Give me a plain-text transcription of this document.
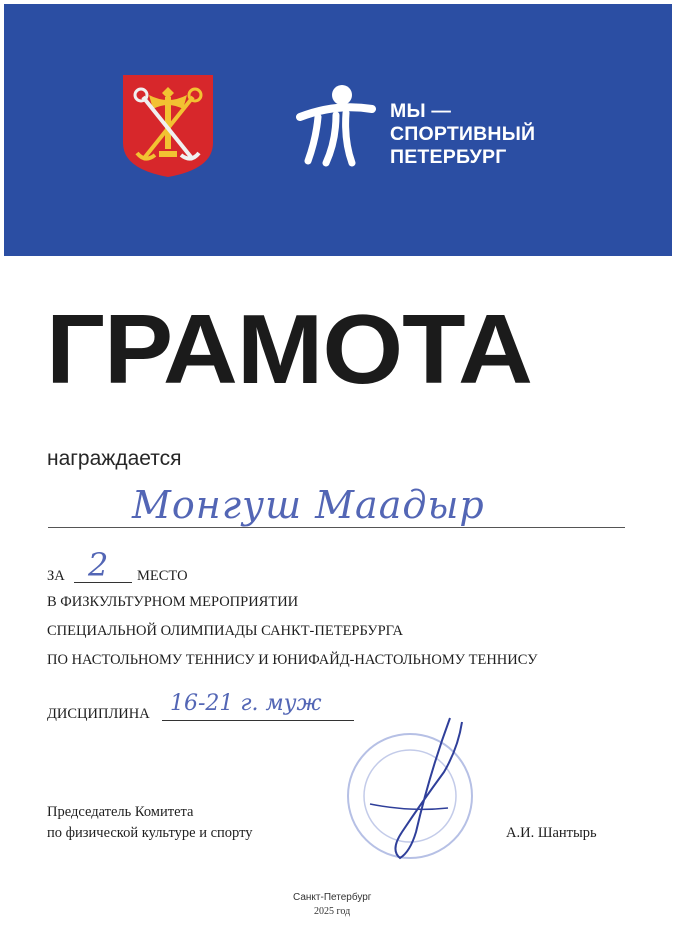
МЫ —
СПОРТИВНЫЙ
ПЕТЕРБУРГ
ГРАМОТА
награждается
Монгуш Маадыр
ЗА 2 МЕСТО
В ФИЗКУЛЬТУРНОМ МЕРОПРИЯТИИ
СПЕЦИАЛЬНОЙ ОЛИМПИАДЫ САНКТ-ПЕТЕРБУРГА
ПО НАСТОЛЬНОМУ ТЕННИСУ И ЮНИФАЙД-НАСТОЛЬНОМУ ТЕННИСУ
ДИСЦИПЛИНА 16-21 г. муж
Председатель Комитета
по физической культуре и спорту	А.И. Шантырь
Санкт-Петербург
2025 год
